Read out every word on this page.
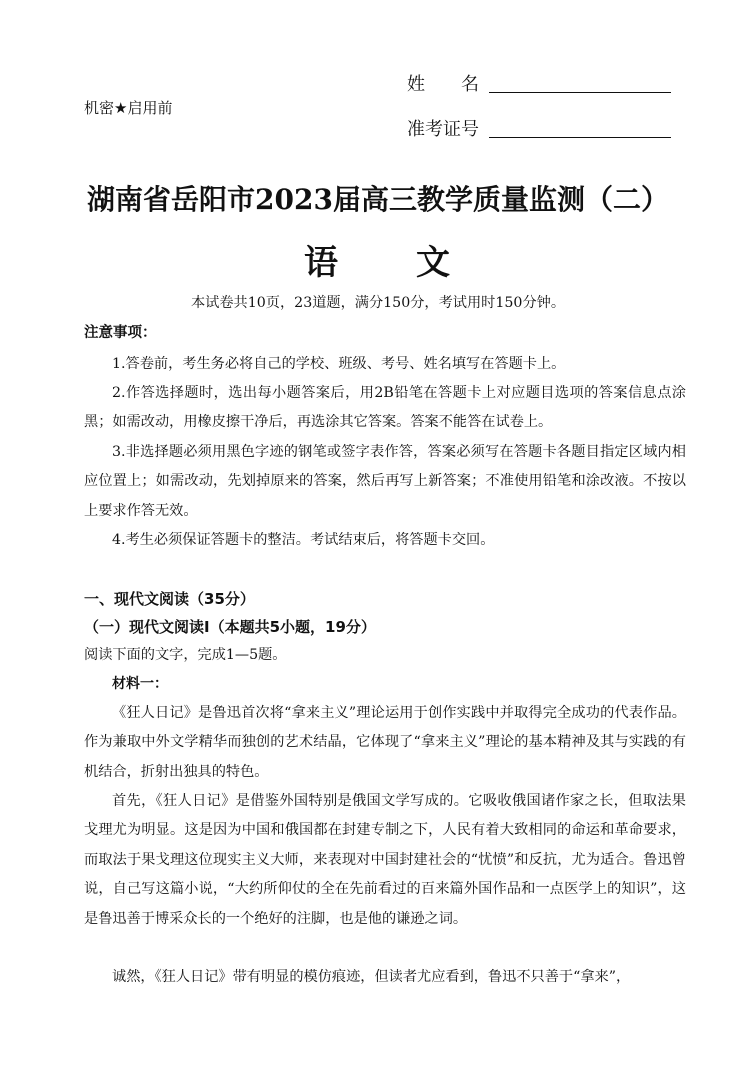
姓　　名
机密★启用前
准考证号
湖南省岳阳市2023届高三教学质量监测（二）
语 文
本试卷共10页，23道题，满分150分，考试用时150分钟。
注意事项：

1.答卷前，考生务必将自己的学校、班级、考号、姓名填写在答题卡上。

2.作答选择题时，选出每小题答案后，用2B铅笔在答题卡上对应题目选项的答案信息点涂黑；如需改动，用橡皮擦干净后，再选涂其它答案。答案不能答在试卷上。

3.非选择题必须用黑色字迹的钢笔或签字表作答，答案必须写在答题卡各题目指定区域内相应位置上；如需改动，先划掉原来的答案，然后再写上新答案；不准使用铅笔和涂改液。不按以上要求作答无效。

4.考生必须保证答题卡的整洁。考试结束后，将答题卡交回。

一、现代文阅读（35分）
（一）现代文阅读Ⅰ（本题共5小题，19分）
阅读下面的文字，完成1—5题。
材料一：

《狂人日记》是鲁迅首次将“拿来主义”理论运用于创作实践中并取得完全成功的代表作品。作为兼取中外文学精华而独创的艺术结晶，它体现了“拿来主义”理论的基本精神及其与实践的有机结合，折射出独具的特色。

首先，《狂人日记》是借鉴外国特别是俄国文学写成的。它吸收俄国诸作家之长，但取法果戈理尤为明显。这是因为中国和俄国都在封建专制之下，人民有着大致相同的命运和革命要求，而取法于果戈理这位现实主义大师，来表现对中国封建社会的“忧愤”和反抗，尤为适合。鲁迅曾说，自己写这篇小说，“大约所仰仗的全在先前看过的百来篇外国作品和一点医学上的知识”，这是鲁迅善于博采众长的一个绝好的注脚，也是他的谦逊之词。

诚然，《狂人日记》带有明显的模仿痕迹，但读者尤应看到，鲁迅不只善于“拿来”，
